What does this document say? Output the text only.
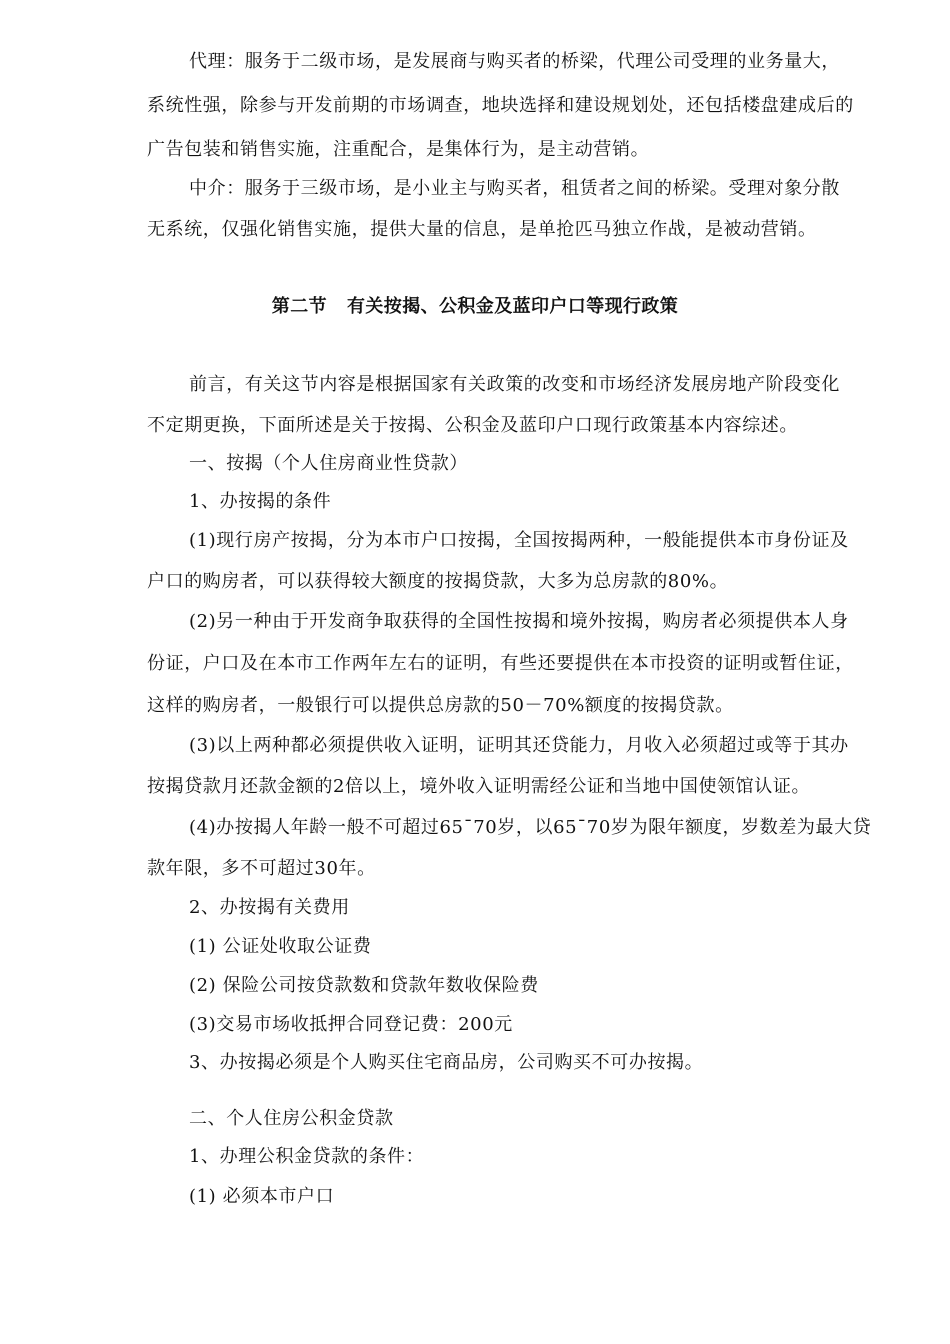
代理：服务于二级市场，是发展商与购买者的桥梁，代理公司受理的业务量大，
系统性强，除参与开发前期的市场调查，地块选择和建设规划处，还包括楼盘建成后的
广告包装和销售实施，注重配合，是集体行为，是主动营销。
中介：服务于三级市场，是小业主与购买者，租赁者之间的桥梁。受理对象分散
无系统，仅强化销售实施，提供大量的信息，是单抢匹马独立作战，是被动营销。
第二节   有关按揭、公积金及蓝印户口等现行政策
前言，有关这节内容是根据国家有关政策的改变和市场经济发展房地产阶段变化
不定期更换，下面所述是关于按揭、公积金及蓝印户口现行政策基本内容综述。
一、按揭（个人住房商业性贷款）
1、办按揭的条件
(1)现行房产按揭，分为本市户口按揭，全国按揭两种，一般能提供本市身份证及
户口的购房者，可以获得较大额度的按揭贷款，大多为总房款的80%。
(2)另一种由于开发商争取获得的全国性按揭和境外按揭，购房者必须提供本人身
份证，户口及在本市工作两年左右的证明，有些还要提供在本市投资的证明或暂住证，
这样的购房者，一般银行可以提供总房款的50－70%额度的按揭贷款。
(3)以上两种都必须提供收入证明，证明其还贷能力，月收入必须超过或等于其办
按揭贷款月还款金额的2倍以上，境外收入证明需经公证和当地中国使领馆认证。
(4)办按揭人年龄一般不可超过65¯70岁，以65¯70岁为限年额度，岁数差为最大贷
款年限，多不可超过30年。
2、办按揭有关费用
(1) 公证处收取公证费
(2) 保险公司按贷款数和贷款年数收保险费
(3)交易市场收抵押合同登记费：200元
3、办按揭必须是个人购买住宅商品房，公司购买不可办按揭。
二、个人住房公积金贷款
1、办理公积金贷款的条件：
(1) 必须本市户口
